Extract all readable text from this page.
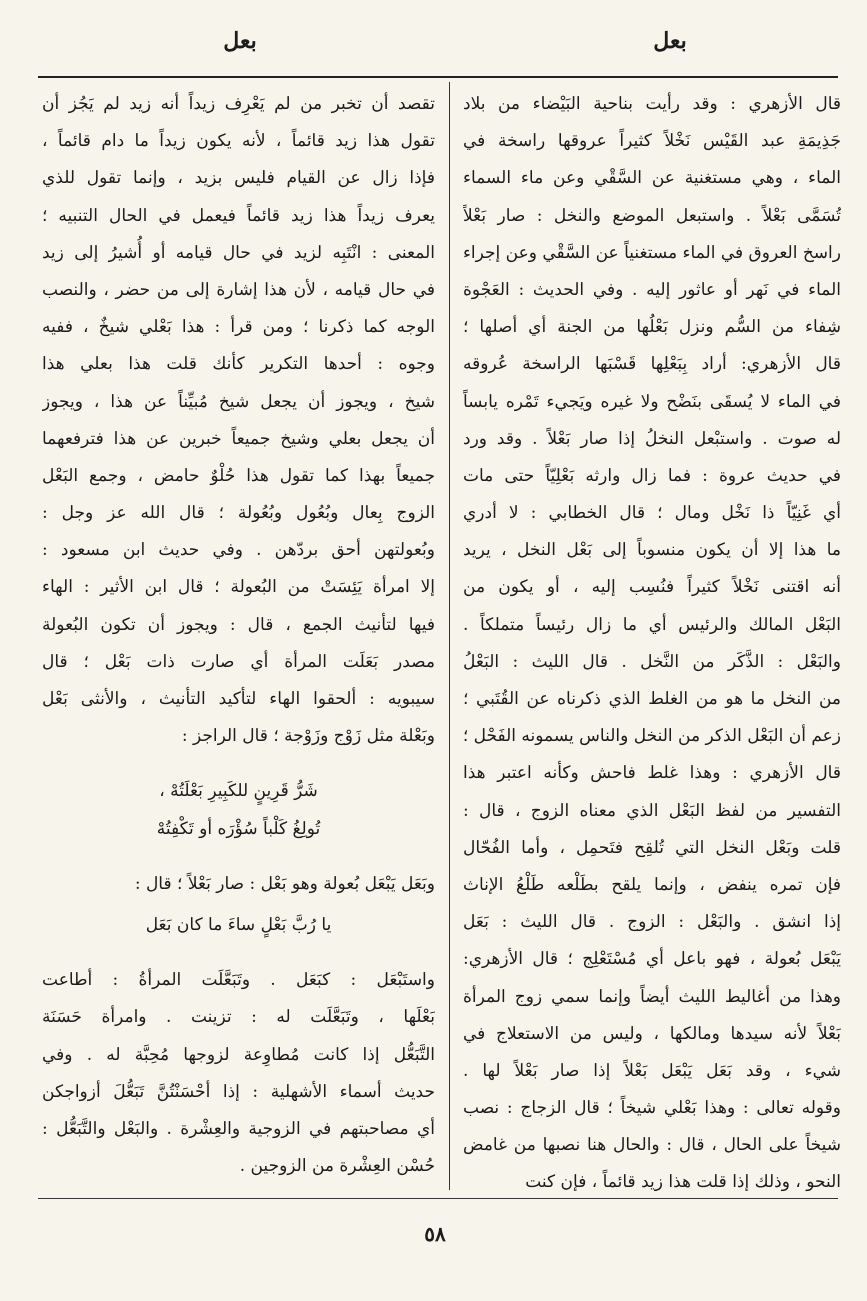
بعل
بعل
قال الأزهري : وقد رأيت بناحية البَيْضاء من بلاد
جَذِيمَةِ عبد القَيْس نَخْلاً كثيراً عروقها راسخة في
الماء ، وهي مستغنية عن السَّقْي وعن ماء السماء
تُسَمَّى بَعْلاً . واستبعل الموضع والنخل : صار بَعْلاً
راسخ العروق في الماء مستغنياً عن السَّقْي وعن إجراء
الماء في نَهر أو عاثور إليه . وفي الحديث : العَجْوة
شِفاء من السُّم ونزل بَعْلُها من الجنة أي أصلها ؛
قال الأزهري: أراد بِبَعْلِها قَسْبَها الراسخة عُروقه
في الماء لا يُسقَى بنَضْح ولا غيره ويَجيء تَمْره يابساً
له صوت . واستبْعل النخلُ إذا صار بَعْلاً . وقد ورد
في حديث عروة : فما زال وارثه بَعْلِيّاً حتى مات
أي غَنِيّاً ذا نَخْل ومال ؛ قال الخطابي : لا أدري
ما هذا إلا أن يكون منسوباً إلى بَعْل النخل ، يريد
أنه اقتنى نَخْلاً كثيراً فنُسِب إليه ، أو يكون من
البَعْل المالك والرئيس أي ما زال رئيساً متملكاً .
والبَعْل : الذَّكَر من النَّخل . قال الليث : البَعْلُ
من النخل ما هو من الغلط الذي ذكرناه عن القُتَبي ؛
زعم أن البَعْل الذكر من النخل والناس يسمونه الفَحْل ؛
قال الأزهري : وهذا غلط فاحش وكأنه اعتبر هذا
التفسير من لفظ البَعْل الذي معناه الزوج ، قال :
قلت وبَعْل النخل التي تُلقِح فتَحمِل ، وأما الفُحّال
فإن تمره ينفض ، وإنما يلقح بطَلْعه طَلْعُ الإناث
إذا انشق . والبَعْل : الزوج . قال الليث : بَعَل
يَبْعَل بُعولة ، فهو باعل أي مُسْتَعْلِج ؛ قال الأزهري:
وهذا من أغاليط الليث أيضاً وإنما سمي زوج المرأة
بَعْلاً لأنه سيدها ومالكها ، وليس من الاستعلاج في
شيء ، وقد بَعَل يَبْعَل بَعْلاً إذا صار بَعْلاً لها .
وقوله تعالى : وهذا بَعْلي شيخاً ؛ قال الزجاج : نصب
شيخاً على الحال ، قال : والحال هنا نصبها من غامض
النحو ، وذلك إذا قلت هذا زيد قائماً ، فإن كنت
تقصد أن تخبر من لم يَعْرِف زيداً أنه زيد لم يَجُز أن
تقول هذا زيد قائماً ، لأنه يكون زيداً ما دام قائماً ،
فإذا زال عن القيام فليس بزيد ، وإنما تقول للذي
يعرف زيداً هذا زيد قائماً فيعمل في الحال التنبيه ؛
المعنى : انْتَبِه لزيد في حال قيامه أو أُشيرُ إلى زيد
في حال قيامه ، لأن هذا إشارة إلى من حضر ، والنصب
الوجه كما ذكرنا ؛ ومن قرأ : هذا بَعْلي شيخٌ ، ففيه
وجوه : أحدها التكرير كأنك قلت هذا بعلي هذا
شيخ ، ويجوز أن يجعل شيخ مُبيِّناً عن هذا ، ويجوز
أن يجعل بعلي وشيخ جميعاً خبرين عن هذا فترفعهما
جميعاً بهذا كما تقول هذا حُلْوٌ حامض ، وجمع البَعْل
الزوج بِعال وبُعُول وبُعُولة ؛ قال الله عز وجل :
وبُعولتهن أحق بردّهن . وفي حديث ابن مسعود :
إلا امرأة يَئِسَتْ من البُعولة ؛ قال ابن الأثير : الهاء
فيها لتأنيث الجمع ، قال : ويجوز أن تكون البُعولة
مصدر بَعَلَت المرأة أي صارت ذات بَعْل ؛ قال
سيبويه : ألحقوا الهاء لتأكيد التأنيث ، والأنثى بَعْل
وبَعْلة مثل زَوْج وزَوْجة ؛ قال الراجز :
شَرُّ قَرِينٍ للكَبِيرِ بَعْلَتُهْ ،
تُولِغُ كَلْباً سُؤْرَه أو تَكْفِتُهْ
وبَعَل يَبْعَل بُعولة وهو بَعْل : صار بَعْلاً ؛ قال :
يا رُبَّ بَعْلٍ ساءَ ما كان بَعَل
واستَبْعَل : كبَعَل . وتَبَعَّلَت المرأةُ : أطاعت
بَعْلَها ، وتَبَعَّلَت له : تزينت . وامرأة حَسَنَة
التَّبَعُّل إذا كانت مُطاوِعة لزوجها مُحِبَّة له . وفي
حديث أسماء الأشهلية : إذا أحْسَنْتُنَّ تَبَعُّلَ أزواجكن
أي مصاحبتهم في الزوجية والعِشْرة . والبَعْل والتَّبَعُّل :
حُسْن العِشْرة من الزوجين .
٥٨
